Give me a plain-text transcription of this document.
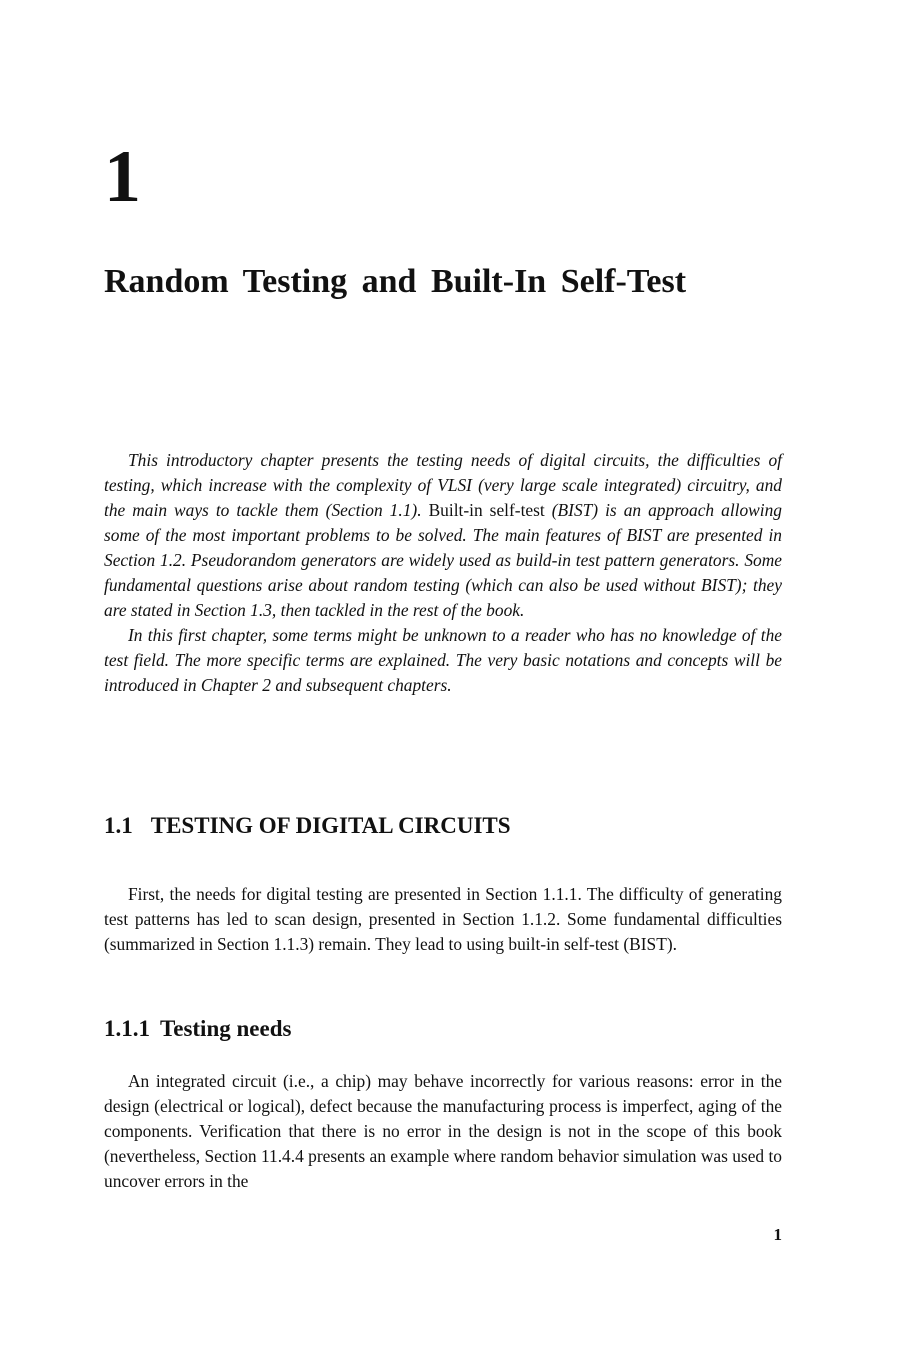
1
Random Testing and Built-In Self-Test

This introductory chapter presents the testing needs of digital circuits, the difficulties of testing, which increase with the complexity of VLSI (very large scale integrated) circuitry, and the main ways to tackle them (Section 1.1). Built-in self-test (BIST) is an approach allowing some of the most important problems to be solved. The main features of BIST are presented in Section 1.2. Pseudorandom generators are widely used as build-in test pattern generators. Some fundamental questions arise about random testing (which can also be used without BIST); they are stated in Section 1.3, then tackled in the rest of the book.

In this first chapter, some terms might be unknown to a reader who has no knowledge of the test field. The more specific terms are explained. The very basic notations and concepts will be introduced in Chapter 2 and subsequent chapters.

1.1 TESTING OF DIGITAL CIRCUITS

First, the needs for digital testing are presented in Section 1.1.1. The difficulty of generating test patterns has led to scan design, presented in Section 1.1.2. Some fundamental difficulties (summarized in Section 1.1.3) remain. They lead to using built-in self-test (BIST).

1.1.1 Testing needs

An integrated circuit (i.e., a chip) may behave incorrectly for various reasons: error in the design (electrical or logical), defect because the manufacturing process is imperfect, aging of the components. Verification that there is no error in the design is not in the scope of this book (nevertheless, Section 11.4.4 presents an example where random behavior simulation was used to uncover errors in the

1
